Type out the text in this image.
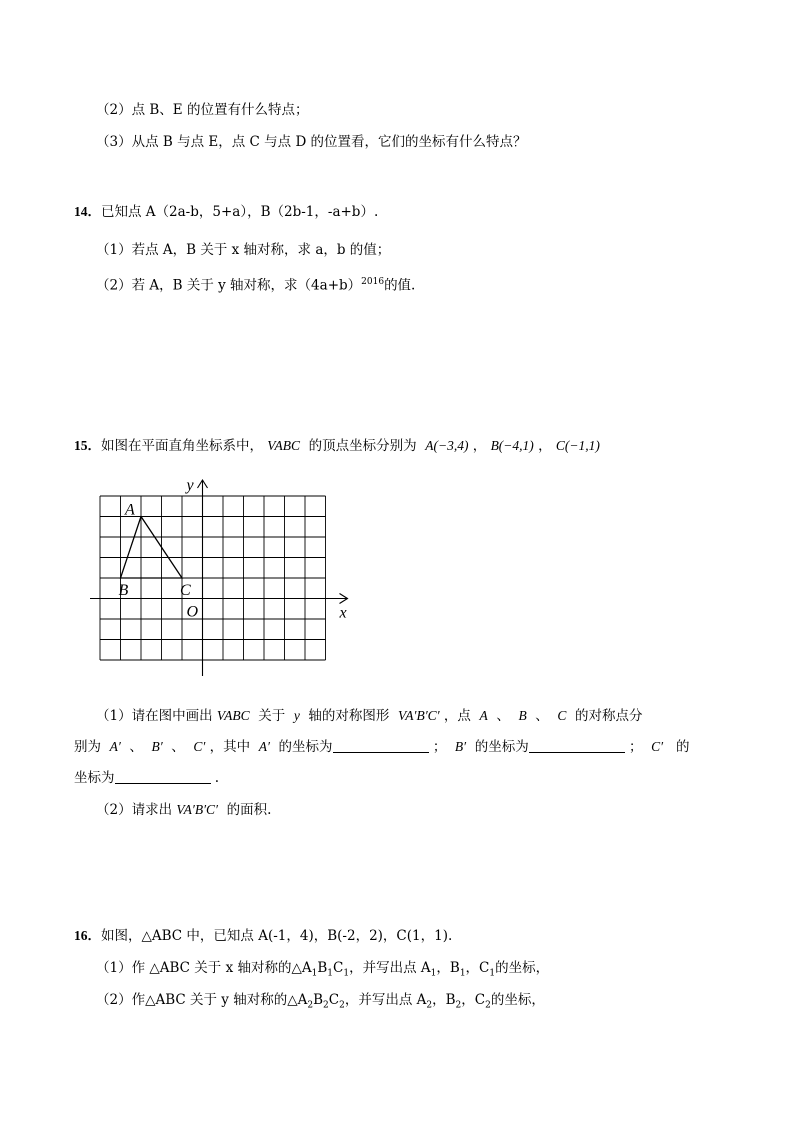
（2）点 B、E 的位置有什么特点；
（3）从点 B 与点 E，点 C 与点 D 的位置看，它们的坐标有什么特点？
14．已知点 A（2a-b，5+a），B（2b-1，-a+b）.
（1）若点 A，B 关于 x 轴对称，求 a，b 的值；
（2）若 A，B 关于 y 轴对称，求$(4a+b)^{2016}$的值.
15．如图在平面直角坐标系中， VABC 的顶点坐标分别为 A(−3,4) ， B(−4,1) ， C(−1,1)
A
B	C
O	x
y
（1）请在图中画出 VABC 关于 y 轴的对称图形 VA′B′C′ ，点 A 、 B 、 C 的对称点分
别为 A′ 、 B′ 、 C′ ，其中 A′ 的坐标为	； B′ 的坐标为	； C′ 的
坐标为	.
（2）请求出 VA′B′C′ 的面积.
16．如图，△ABC 中，已知点 A(-1，4)，B(-2，2)，C(1，1).
（1）作 △ABC 关于 x 轴对称的$\triangle A_1B_1C_1$，并写出点 $A_1$，$B_1$，$C_1$的坐标，
（2）作△ABC 关于 y 轴对称的$\triangle A_2B_2C_2$，并写出点 $A_2$，$B_2$，$C_2$的坐标，
